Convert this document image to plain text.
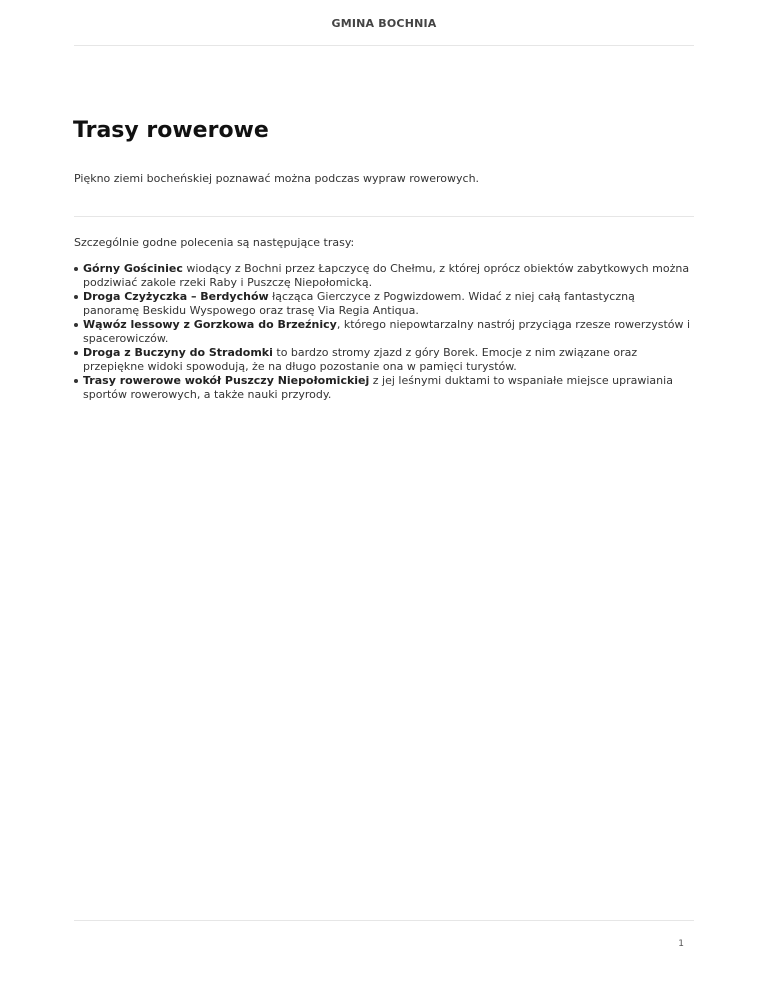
GMINA BOCHNIA
Trasy rowerowe

Piękno ziemi bocheńskiej poznawać można podczas wypraw rowerowych.

Szczególnie godne polecenia są następujące trasy:

Górny Gościniec wiodący z Bochni przez Łapczycę do Chełmu, z której oprócz obiektów zabytkowych można podziwiać zakole rzeki Raby i Puszczę Niepołomicką.
Droga Czyżyczka – Berdychów łącząca Gierczyce z Pogwizdowem. Widać z niej całą fantastyczną panoramę Beskidu Wyspowego oraz trasę Via Regia Antiqua.
Wąwóz lessowy z Gorzkowa do Brzeźnicy, którego niepowtarzalny nastrój przyciąga rzesze rowerzystów i spacerowiczów.
Droga z Buczyny do Stradomki to bardzo stromy zjazd z góry Borek. Emocje z nim związane oraz przepiękne widoki spowodują, że na długo pozostanie ona w pamięci turystów.
Trasy rowerowe wokół Puszczy Niepołomickiej z jej leśnymi duktami to wspaniałe miejsce uprawiania sportów rowerowych, a także nauki przyrody.
1
